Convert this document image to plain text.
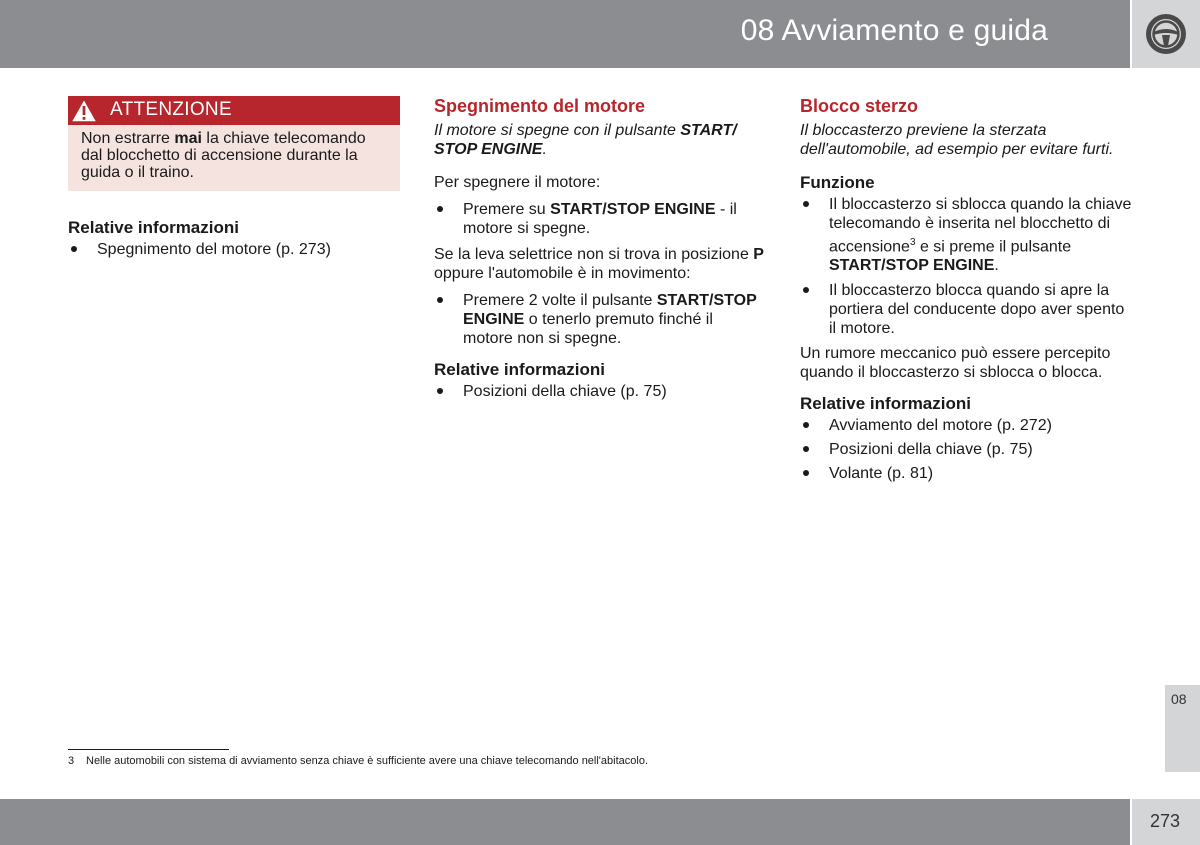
08 Avviamento e guida
ATTENZIONE
Non estrarre mai la chiave telecomando dal blocchetto di accensione durante la guida o il traino.
Relative informazioni
Spegnimento del motore (p. 273)
Spegnimento del motore

Il motore si spegne con il pulsante START/ STOP ENGINE.

Per spegnere il motore:

Premere su START/STOP ENGINE - il motore si spegne.

Se la leva selettrice non si trova in posizione P oppure l'automobile è in movimento:

Premere 2 volte il pulsante START/STOP ENGINE o tenerlo premuto finché il motore non si spegne.
Relative informazioni
Posizioni della chiave (p. 75)
Blocco sterzo

Il bloccasterzo previene la sterzata dell'automobile, ad esempio per evitare furti.

Funzione
Il bloccasterzo si sblocca quando la chiave telecomando è inserita nel blocchetto di accensione$^3$ e si preme il pulsante START/STOP ENGINE.
Il bloccasterzo blocca quando si apre la portiera del conducente dopo aver spento il motore.

Un rumore meccanico può essere percepito quando il bloccasterzo si sblocca o blocca.

Relative informazioni
Avviamento del motore (p. 272)
Posizioni della chiave (p. 75)
Volante (p. 81)
3 Nelle automobili con sistema di avviamento senza chiave è sufficiente avere una chiave telecomando nell'abitacolo.
08
273
